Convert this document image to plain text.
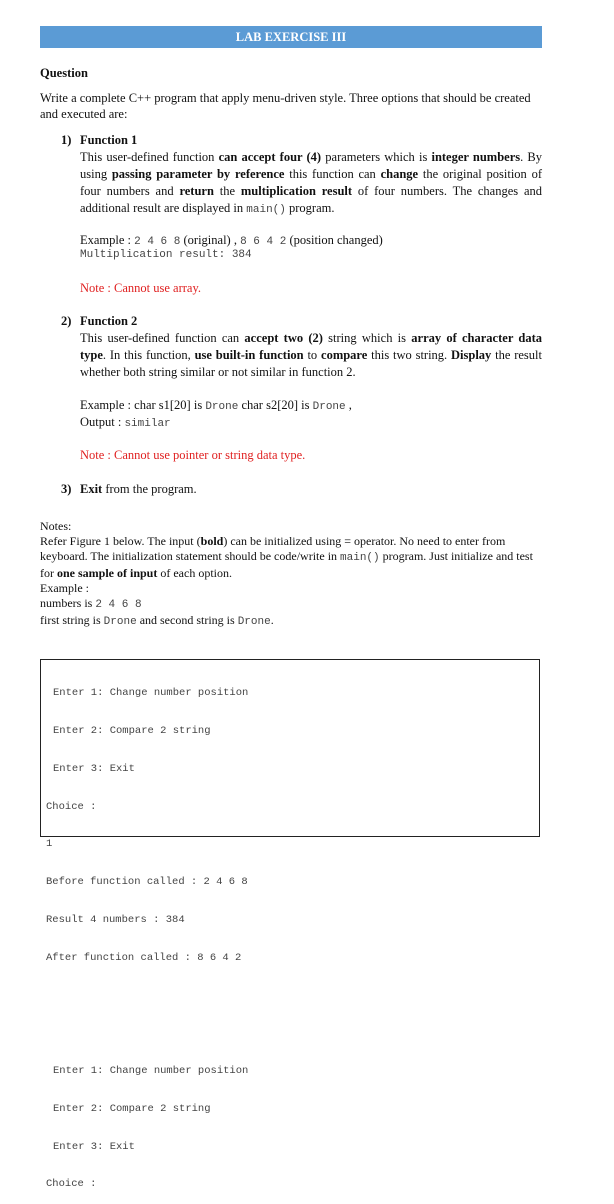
LAB EXERCISE III
Question
Write a complete C++ program that apply menu-driven style. Three options that should be created and executed are:
1) Function 1
This user-defined function can accept four (4) parameters which is integer numbers. By using passing parameter by reference this function can change the original position of four numbers and return the multiplication result of four numbers. The changes and additional result are displayed in main() program.
Example : 2 4 6 8 (original) , 8 6 4 2 (position changed)
Multiplication result: 384
Note : Cannot use array.
2) Function 2
This user-defined function can accept two (2) string which is array of character data type. In this function, use built-in function to compare this two string. Display the result whether both string similar or not similar in function 2.
Example : char s1[20] is Drone char s2[20] is Drone ,
Output : similar
Note : Cannot use pointer or string data type.
3) Exit from the program.
Notes:
Refer Figure 1 below. The input (bold) can be initialized using = operator. No need to enter from keyboard. The initialization statement should be code/write in main() program. Just initialize and test for one sample of input of each option.
Example :
numbers is 2 4 6 8
first string is Drone and second string is Drone.

Enter 1: Change number position

Enter 2: Compare 2 string

Enter 3: Exit

Choice :

1

Before function called : 2 4 6 8

Result 4 numbers : 384

After function called : 8 6 4 2

Enter 1: Change number position

Enter 2: Compare 2 string

Enter 3: Exit

Choice :
